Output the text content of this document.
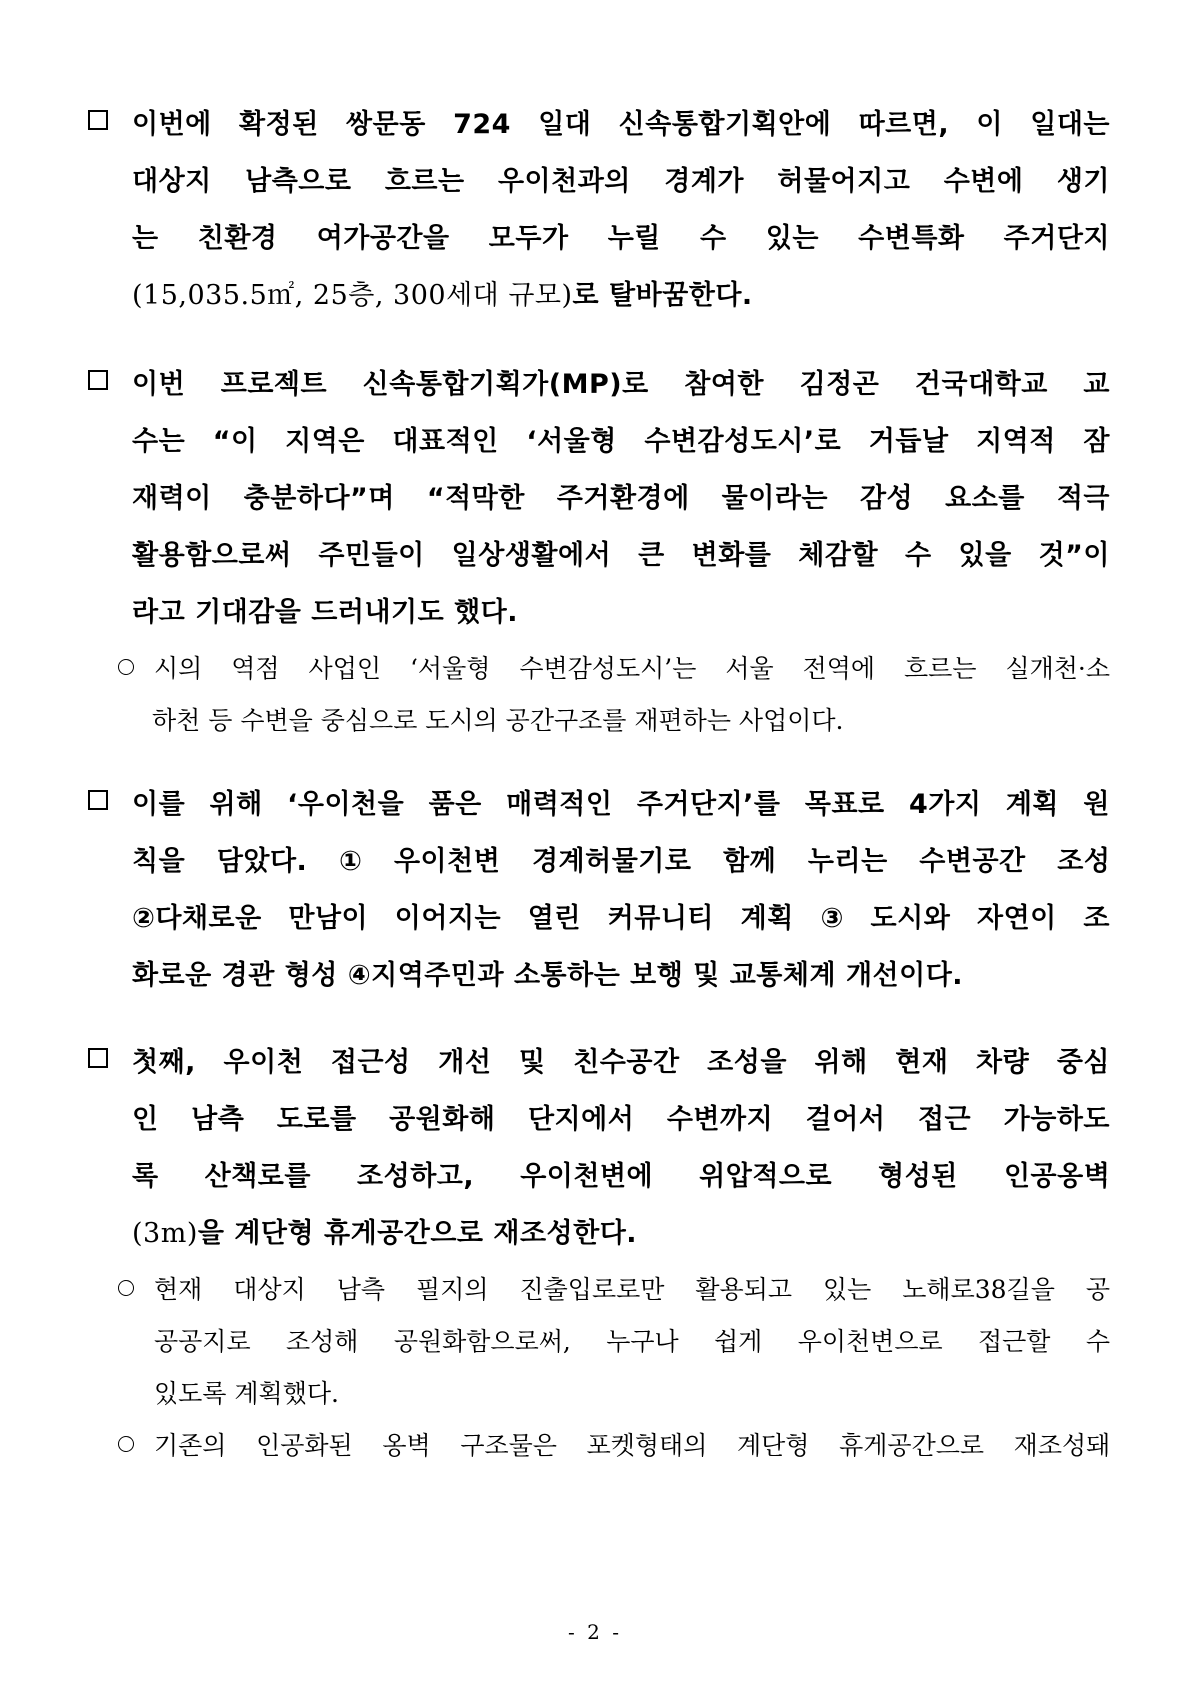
이번에 확정된 쌍문동 724 일대 신속통합기획안에 따르면, 이 일대는
대상지 남측으로 흐르는 우이천과의 경계가 허물어지고 수변에 생기
는 친환경 여가공간을 모두가 누릴 수 있는 수변특화 주거단지
(15,035.5㎡, 25층, 300세대 규모)로 탈바꿈한다.
이번 프로젝트 신속통합기획가(MP)로 참여한 김정곤 건국대학교 교
수는 “이 지역은 대표적인 ‘서울형 수변감성도시’로 거듭날 지역적 잠
재력이 충분하다”며 “적막한 주거환경에 물이라는 감성 요소를 적극
활용함으로써 주민들이 일상생활에서 큰 변화를 체감할 수 있을 것”이
라고 기대감을 드러내기도 했다.
시의 역점 사업인 ‘서울형 수변감성도시’는 서울 전역에 흐르는 실개천·소
하천 등 수변을 중심으로 도시의 공간구조를 재편하는 사업이다.
이를 위해 ‘우이천을 품은 매력적인 주거단지’를 목표로 4가지 계획 원
칙을 담았다. ① 우이천변 경계허물기로 함께 누리는 수변공간 조성
②다채로운 만남이 이어지는 열린 커뮤니티 계획 ③ 도시와 자연이 조
화로운 경관 형성 ④지역주민과 소통하는 보행 및 교통체계 개선이다.
첫째, 우이천 접근성 개선 및 친수공간 조성을 위해 현재 차량 중심
인 남측 도로를 공원화해 단지에서 수변까지 걸어서 접근 가능하도
록 산책로를 조성하고, 우이천변에 위압적으로 형성된 인공옹벽
(3m)을 계단형 휴게공간으로 재조성한다.
현재 대상지 남측 필지의 진출입로로만 활용되고 있는 노해로38길을 공
공공지로 조성해 공원화함으로써, 누구나 쉽게 우이천변으로 접근할 수
있도록 계획했다.
기존의 인공화된 옹벽 구조물은 포켓형태의 계단형 휴게공간으로 재조성돼
- 2 -
